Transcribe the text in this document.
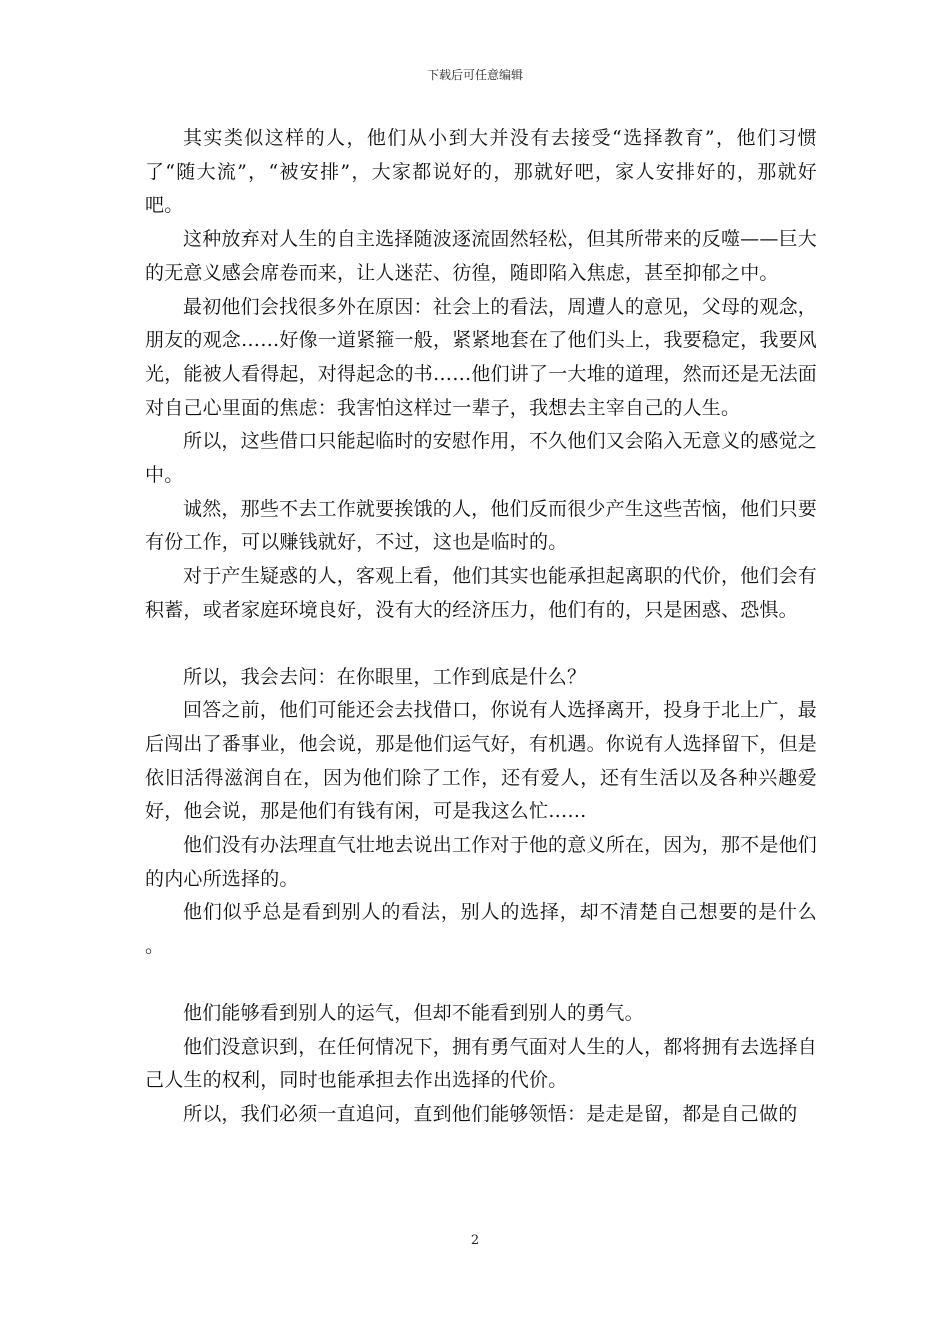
下载后可任意编辑

其实类似这样的人，他们从小到大并没有去接受“选择教育”，他们习惯了“随大流”，“被安排”，大家都说好的，那就好吧，家人安排好的，那就好吧。

这种放弃对人生的自主选择随波逐流固然轻松，但其所带来的反噬——巨大的无意义感会席卷而来，让人迷茫、彷徨，随即陷入焦虑，甚至抑郁之中。

最初他们会找很多外在原因：社会上的看法，周遭人的意见，父母的观念，朋友的观念……好像一道紧箍一般，紧紧地套在了他们头上，我要稳定，我要风光，能被人看得起，对得起念的书……他们讲了一大堆的道理，然而还是无法面对自己心里面的焦虑：我害怕这样过一辈子，我想去主宰自己的人生。

所以，这些借口只能起临时的安慰作用，不久他们又会陷入无意义的感觉之中。

诚然，那些不去工作就要挨饿的人，他们反而很少产生这些苦恼，他们只要有份工作，可以赚钱就好，不过，这也是临时的。

对于产生疑惑的人，客观上看，他们其实也能承担起离职的代价，他们会有积蓄，或者家庭环境良好，没有大的经济压力，他们有的，只是困惑、恐惧。

所以，我会去问：在你眼里，工作到底是什么？

回答之前，他们可能还会去找借口，你说有人选择离开，投身于北上广，最后闯出了番事业，他会说，那是他们运气好，有机遇。你说有人选择留下，但是依旧活得滋润自在，因为他们除了工作，还有爱人，还有生活以及各种兴趣爱好，他会说，那是他们有钱有闲，可是我这么忙……

他们没有办法理直气壮地去说出工作对于他的意义所在，因为，那不是他们的内心所选择的。

他们似乎总是看到别人的看法，别人的选择，却不清楚自己想要的是什么 。

他们能够看到别人的运气，但却不能看到别人的勇气。

他们没意识到，在任何情况下，拥有勇气面对人生的人，都将拥有去选择自己人生的权利，同时也能承担去作出选择的代价。

所以，我们必须一直追问，直到他们能够领悟：是走是留，都是自己做的

2
